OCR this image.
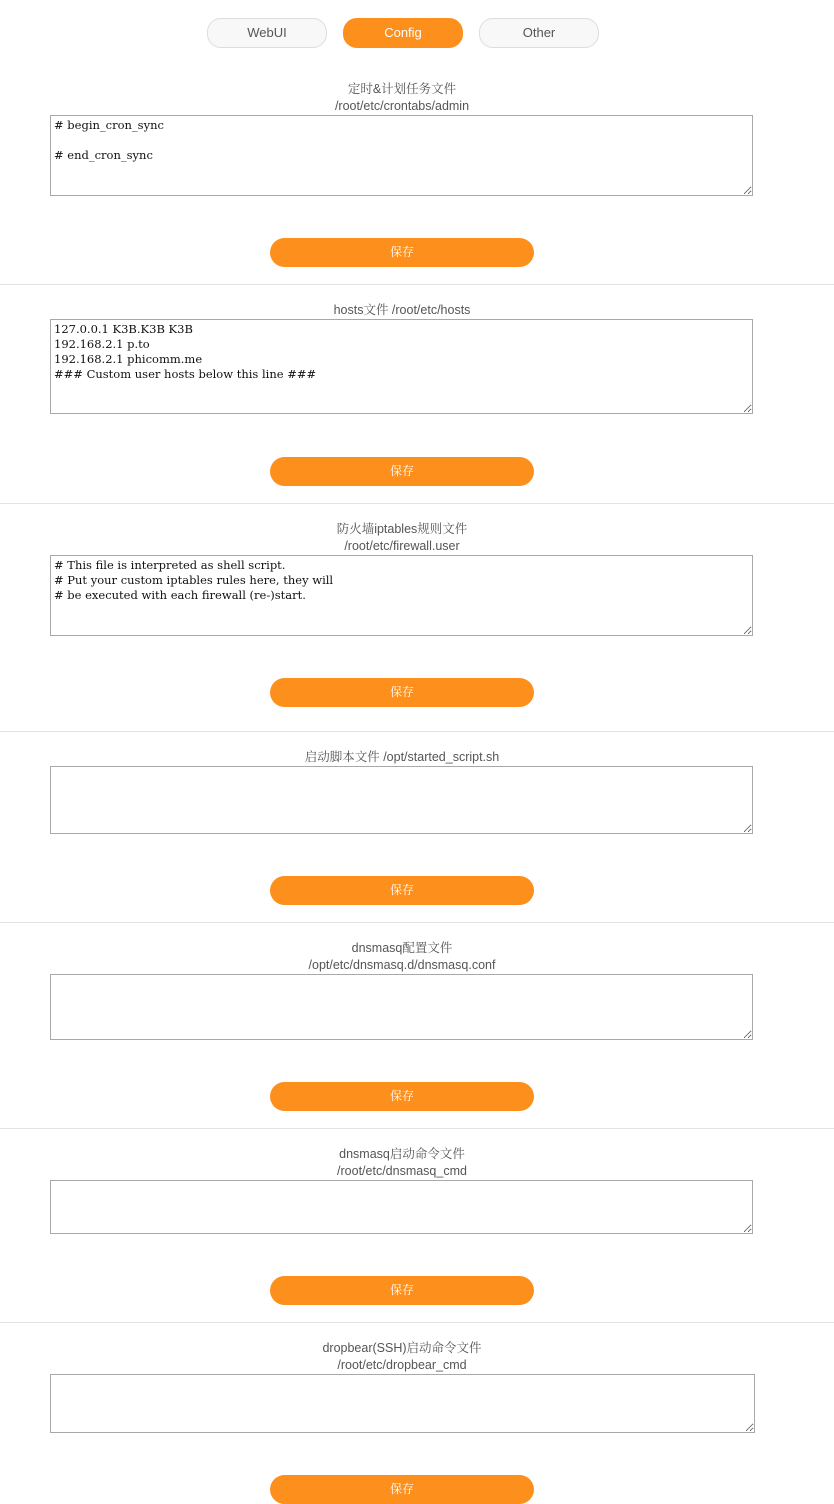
WebUI	Config	Other
定时&计划任务文件
/root/etc/crontabs/admin
# begin_cron_sync # end_cron_sync
保存
hosts文件 /root/etc/hosts
127.0.0.1 K3B.K3B K3B 192.168.2.1 p.to 192.168.2.1 phicomm.me ### Custom user hosts below this line ###
保存
防火墙iptables规则文件
/root/etc/firewall.user
# This file is interpreted as shell script. # Put your custom iptables rules here, they will # be executed with each firewall (re-)start.
保存
启动脚本文件 /opt/started_script.sh
保存
dnsmasq配置文件
/opt/etc/dnsmasq.d/dnsmasq.conf
保存
dnsmasq启动命令文件
/root/etc/dnsmasq_cmd
保存
dropbear(SSH)启动命令文件
/root/etc/dropbear_cmd
保存
